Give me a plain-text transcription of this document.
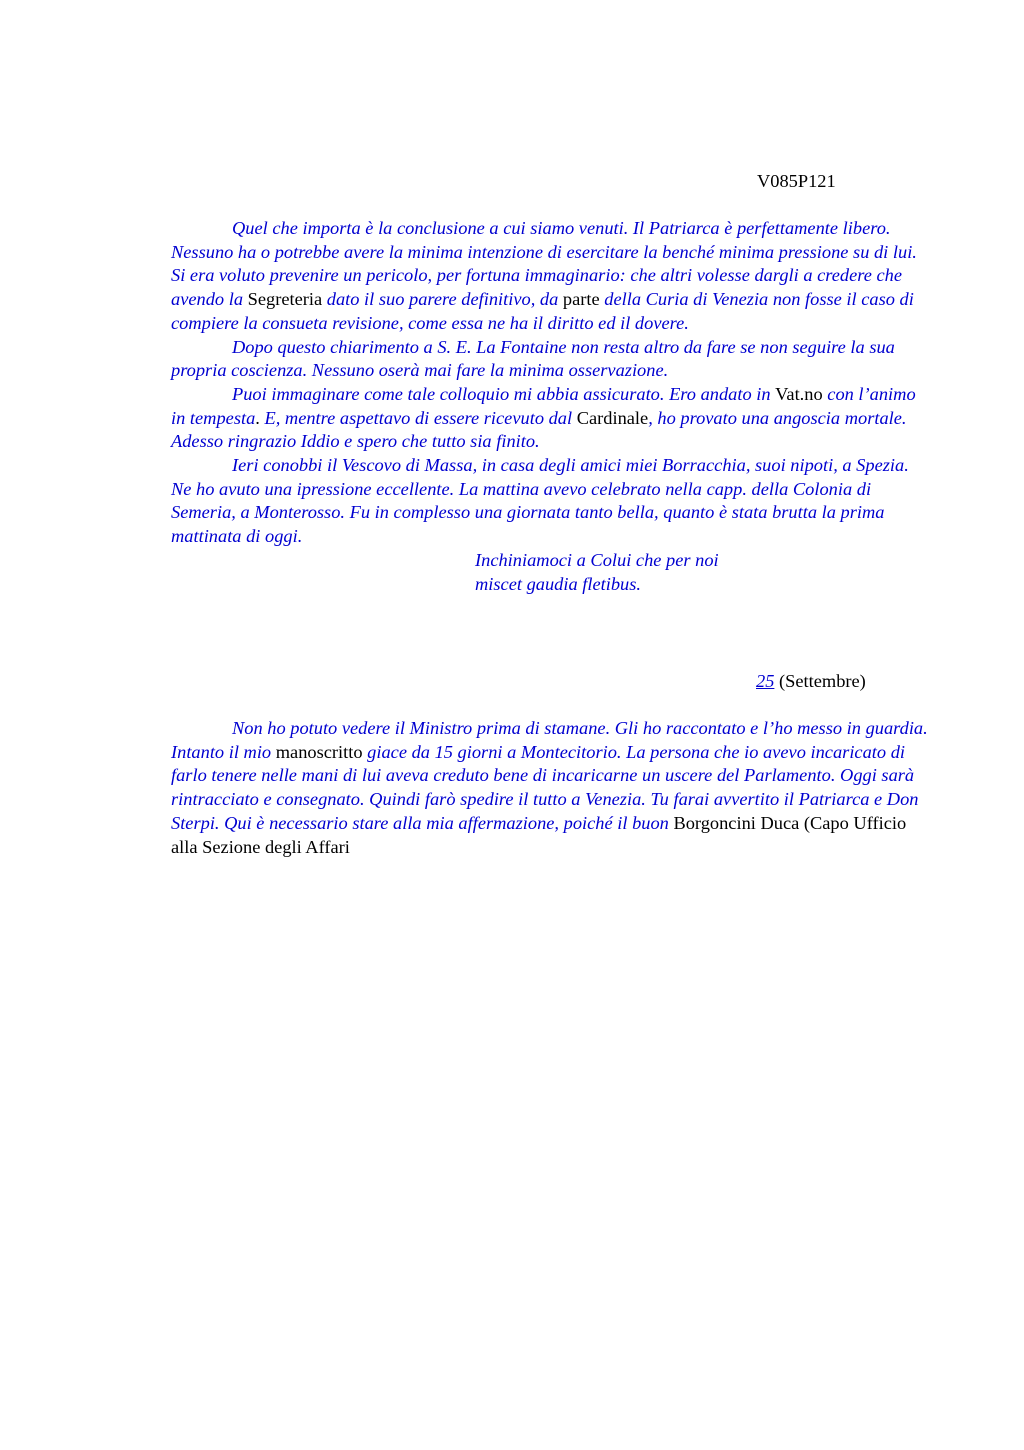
V085P121

Quel che importa è la conclusione a cui siamo venuti. Il Patriarca è perfettamente libero. Nessuno ha o potrebbe avere la minima intenzione di esercitare la benché minima pressione su di lui. Si era voluto prevenire un pericolo, per fortuna immaginario: che altri volesse dargli a credere che avendo la Segreteria dato il suo parere definitivo, da parte della Curia di Venezia non fosse il caso di compiere la consueta revisione, come essa ne ha il diritto ed il dovere.

Dopo questo chiarimento a S. E. La Fontaine non resta altro da fare se non seguire la sua propria coscienza. Nessuno oserà mai fare la minima osservazione.

Puoi immaginare come tale colloquio mi abbia assicurato. Ero andato in Vat.no con l’animo in tempesta. E, mentre aspettavo di essere ricevuto dal Cardinale, ho provato una angoscia mortale. Adesso ringrazio Iddio e spero che tutto sia finito.

Ieri conobbi il Vescovo di Massa, in casa degli amici miei Borracchia, suoi nipoti, a Spezia. Ne ho avuto una ipressione eccellente. La mattina avevo celebrato nella capp. della Colonia di Semeria, a Monterosso. Fu in complesso una giornata tanto bella, quanto è stata brutta la prima mattinata di oggi.

Inchiniamoci a Colui che per noi

miscet gaudia fletibus.

25 (Settembre)

Non ho potuto vedere il Ministro prima di stamane. Gli ho raccontato e l’ho messo in guardia. Intanto il mio manoscritto giace da 15 giorni a Montecitorio. La persona che io avevo incaricato di farlo tenere nelle mani di lui aveva creduto bene di incaricarne un uscere del Parlamento. Oggi sarà rintracciato e consegnato. Quindi farò spedire il tutto a Venezia. Tu farai avvertito il Patriarca e Don Sterpi. Qui è necessario stare alla mia affermazione, poiché il buon Borgoncini Duca (Capo Ufficio alla Sezione degli Affari
